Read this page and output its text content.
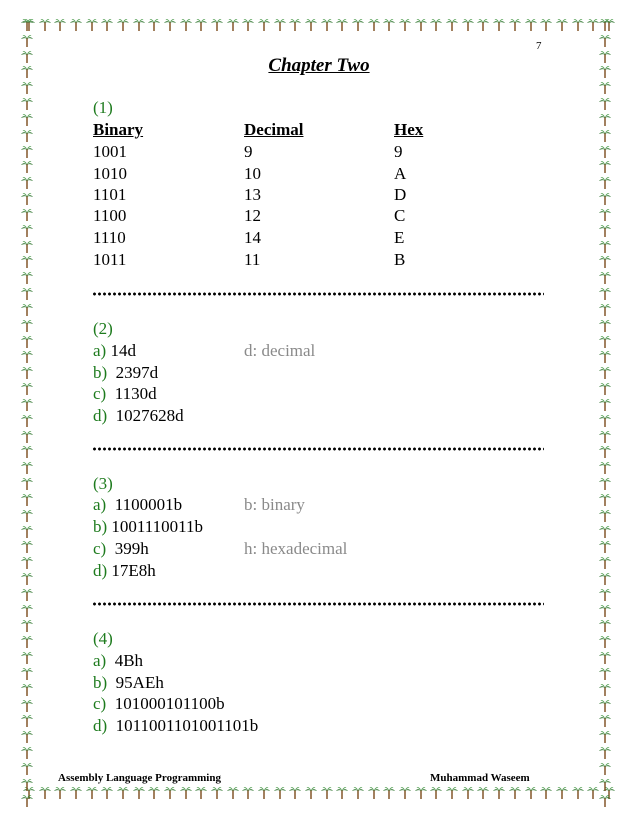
7
Chapter Two
(1)
Binary	Decimal	Hex
1001	9	9
1010	10	A
1101	13	D
1100	12	C
1110	14	E
1011	11	B
(2)
a) 14d	d: decimal
b) 2397d
c) 1130d
d) 1027628d
(3)
a) 1100001b	b: binary
b) 1001110011b
c) 399h	h: hexadecimal
d) 17E8h
(4)
a) 4Bh
b) 95AEh
c) 101000101100b
d) 1011001101001101b
Assembly Language Programming	Muhammad Waseem
